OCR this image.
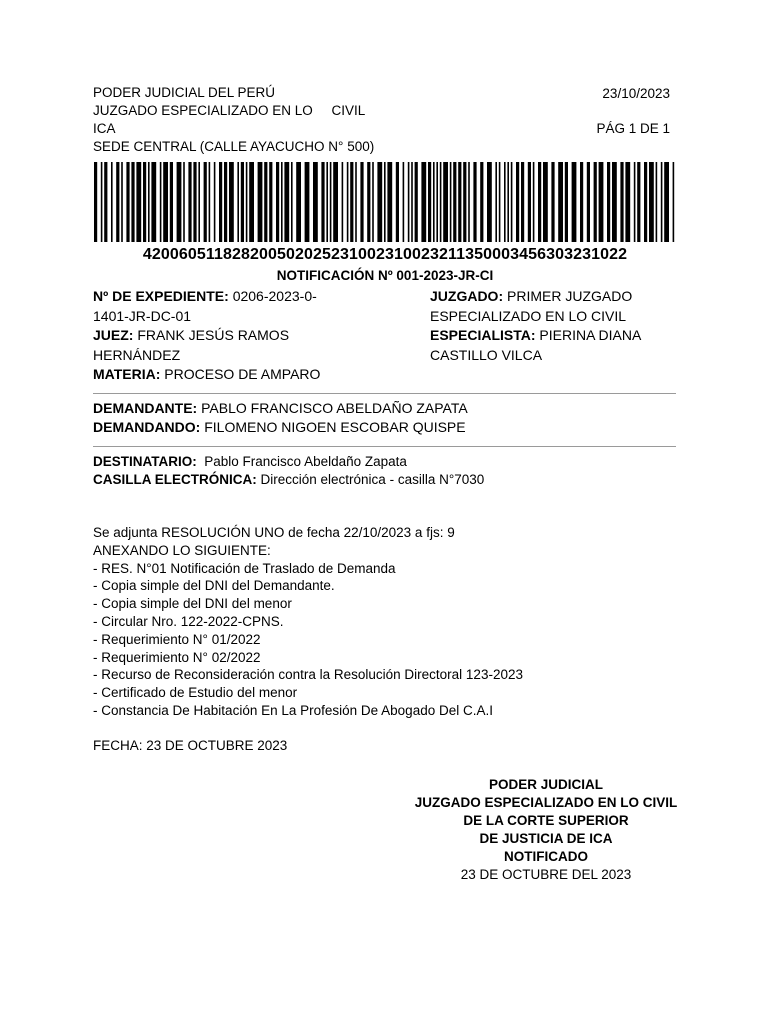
PODER JUDICIAL DEL PERÚ
JUZGADO ESPECIALIZADO EN LO     CIVIL
ICA
SEDE CENTRAL (CALLE AYACUCHO N° 500)
23/10/2023
PÁG 1 DE 1
420060511828200502025231002310023211350003456303231022
NOTIFICACIÓN Nº 001-2023-JR-CI
Nº DE EXPEDIENTE: 0206-2023-0-
1401-JR-DC-01
JUEZ: FRANK JESÚS RAMOS
HERNÁNDEZ
MATERIA: PROCESO DE AMPARO
JUZGADO: PRIMER JUZGADO
ESPECIALIZADO EN LO CIVIL
ESPECIALISTA: PIERINA DIANA
CASTILLO VILCA
DEMANDANTE: PABLO FRANCISCO ABELDAÑO ZAPATA
DEMANDANDO: FILOMENO NIGOEN ESCOBAR QUISPE
DESTINATARIO: Pablo Francisco Abeldaño Zapata
CASILLA ELECTRÓNICA: Dirección electrónica - casilla N°7030
Se adjunta RESOLUCIÓN UNO de fecha 22/10/2023 a fjs: 9
ANEXANDO LO SIGUIENTE:
- RES. N°01 Notificación de Traslado de Demanda
- Copia simple del DNI del Demandante.
- Copia simple del DNI del menor
- Circular Nro. 122-2022-CPNS.
- Requerimiento N° 01/2022
- Requerimiento N° 02/2022
- Recurso de Reconsideración contra la Resolución Directoral 123-2023
- Certificado de Estudio del menor
- Constancia De Habitación En La Profesión De Abogado Del C.A.I
FECHA: 23 DE OCTUBRE 2023
PODER JUDICIAL
JUZGADO ESPECIALIZADO EN LO CIVIL
DE LA CORTE SUPERIOR
DE JUSTICIA DE ICA
NOTIFICADO
23 DE OCTUBRE DEL 2023
